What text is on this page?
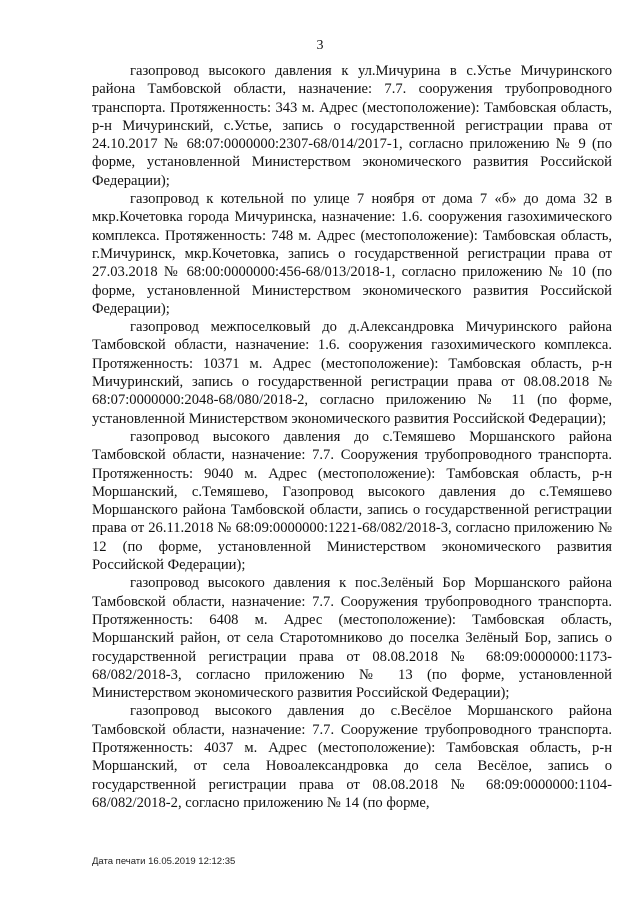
3

газопровод высокого давления к ул.Мичурина в с.Устье Мичуринского района Тамбовской области, назначение: 7.7. сооружения трубопроводного транспорта. Протяженность: 343 м. Адрес (местоположение): Тамбовская область, р-н Мичуринский, с.Устье, запись о государственной регистрации права от 24.10.2017 № 68:07:0000000:2307-68/014/2017-1, согласно приложению № 9 (по форме, установленной Министерством экономического развития Российской Федерации);

газопровод к котельной по улице 7 ноября от дома 7 «б» до дома 32 в мкр.Кочетовка города Мичуринска, назначение: 1.6. сооружения газохимического комплекса. Протяженность: 748 м. Адрес (местоположение): Тамбовская область, г.Мичуринск, мкр.Кочетовка, запись о государственной регистрации права от 27.03.2018 № 68:00:0000000:456-68/013/2018-1, согласно приложению № 10 (по форме, установленной Министерством экономического развития Российской Федерации);

газопровод межпоселковый до д.Александровка Мичуринского района Тамбовской области, назначение: 1.6. сооружения газохимического комплекса. Протяженность: 10371 м. Адрес (местоположение): Тамбовская область, р-н Мичуринский, запись о государственной регистрации права от 08.08.2018 № 68:07:0000000:2048-68/080/2018-2, согласно приложению № 11 (по форме, установленной Министерством экономического развития Российской Федерации);

газопровод высокого давления до с.Темяшево Моршанского района Тамбовской области, назначение: 7.7. Сооружения трубопроводного транспорта. Протяженность: 9040 м. Адрес (местоположение): Тамбовская область, р-н Моршанский, с.Темяшево, Газопровод высокого давления до с.Темяшево Моршанского района Тамбовской области, запись о государственной регистрации права от 26.11.2018 № 68:09:0000000:1221-68/082/2018-3, согласно приложению № 12 (по форме, установленной Министерством экономического развития Российской Федерации);

газопровод высокого давления к пос.Зелёный Бор Моршанского района Тамбовской области, назначение: 7.7. Сооружения трубопроводного транспорта. Протяженность: 6408 м. Адрес (местоположение): Тамбовская область, Моршанский район, от села Старотомниково до поселка Зелёный Бор, запись о государственной регистрации права от 08.08.2018 № 68:09:0000000:1173-68/082/2018-3, согласно приложению № 13 (по форме, установленной Министерством экономического развития Российской Федерации);

газопровод высокого давления до с.Весёлое Моршанского района Тамбовской области, назначение: 7.7. Сооружение трубопроводного транспорта. Протяженность: 4037 м. Адрес (местоположение): Тамбовская область, р-н Моршанский, от села Новоалександровка до села Весёлое, запись о государственной регистрации права от 08.08.2018 № 68:09:0000000:1104-68/082/2018-2, согласно приложению № 14 (по форме,

Дата печати 16.05.2019 12:12:35
